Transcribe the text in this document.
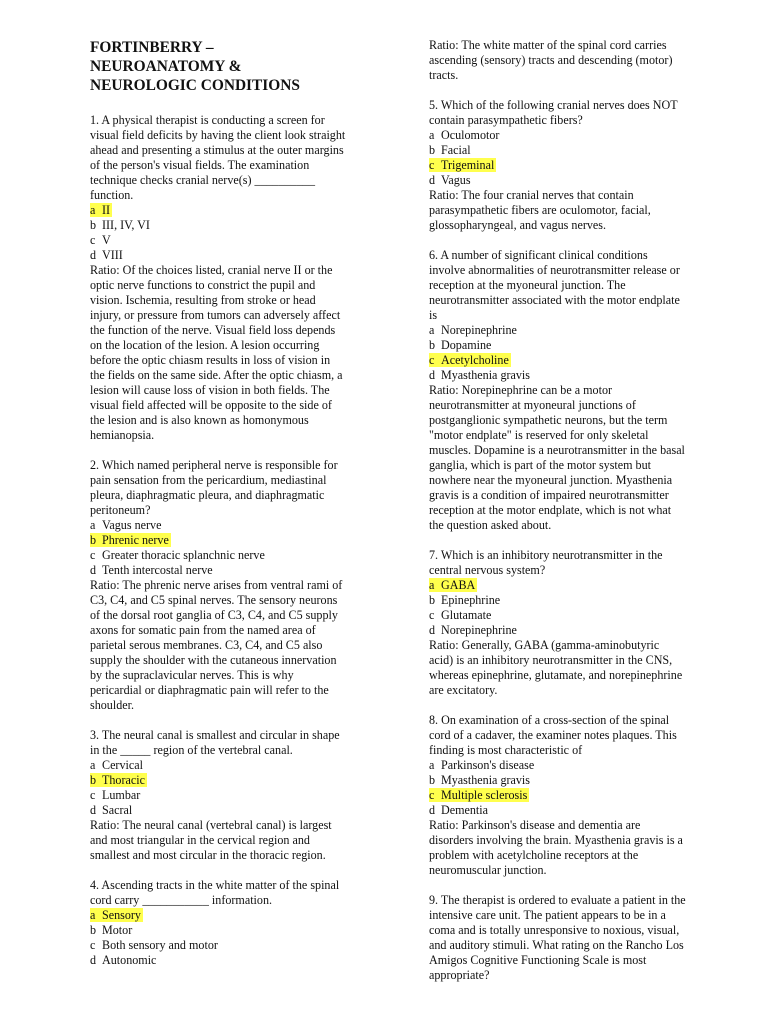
FORTINBERRY –
NEUROANATOMY &
NEUROLOGIC CONDITIONS
1. A physical therapist is conducting a screen for
visual field deficits by having the client look straight
ahead and presenting a stimulus at the outer margins
of the person's visual fields. The examination
technique checks cranial nerve(s) __________
function.
a II
b III, IV, VI
c V
d VIII
Ratio: Of the choices listed, cranial nerve II or the
optic nerve functions to constrict the pupil and
vision. Ischemia, resulting from stroke or head
injury, or pressure from tumors can adversely affect
the function of the nerve. Visual field loss depends
on the location of the lesion. A lesion occurring
before the optic chiasm results in loss of vision in
the fields on the same side. After the optic chiasm, a
lesion will cause loss of vision in both fields. The
visual field affected will be opposite to the side of
the lesion and is also known as homonymous
hemianopsia.
2. Which named peripheral nerve is responsible for
pain sensation from the pericardium, mediastinal
pleura, diaphragmatic pleura, and diaphragmatic
peritoneum?
a Vagus nerve
b Phrenic nerve
c Greater thoracic splanchnic nerve
d Tenth intercostal nerve
Ratio: The phrenic nerve arises from ventral rami of
C3, C4, and C5 spinal nerves. The sensory neurons
of the dorsal root ganglia of C3, C4, and C5 supply
axons for somatic pain from the named area of
parietal serous membranes. C3, C4, and C5 also
supply the shoulder with the cutaneous innervation
by the supraclavicular nerves. This is why
pericardial or diaphragmatic pain will refer to the
shoulder.
3. The neural canal is smallest and circular in shape
in the _____ region of the vertebral canal.
a Cervical
b Thoracic
c Lumbar
d Sacral
Ratio: The neural canal (vertebral canal) is largest
and most triangular in the cervical region and
smallest and most circular in the thoracic region.
4. Ascending tracts in the white matter of the spinal
cord carry ___________ information.
a Sensory
b Motor
c Both sensory and motor
d Autonomic
Ratio: The white matter of the spinal cord carries
ascending (sensory) tracts and descending (motor)
tracts.
5. Which of the following cranial nerves does NOT
contain parasympathetic fibers?
a Oculomotor
b Facial
c Trigeminal
d Vagus
Ratio: The four cranial nerves that contain
parasympathetic fibers are oculomotor, facial,
glossopharyngeal, and vagus nerves.
6. A number of significant clinical conditions
involve abnormalities of neurotransmitter release or
reception at the myoneural junction. The
neurotransmitter associated with the motor endplate
is
a Norepinephrine
b Dopamine
c Acetylcholine
d Myasthenia gravis
Ratio: Norepinephrine can be a motor
neurotransmitter at myoneural junctions of
postganglionic sympathetic neurons, but the term
"motor endplate" is reserved for only skeletal
muscles. Dopamine is a neurotransmitter in the basal
ganglia, which is part of the motor system but
nowhere near the myoneural junction. Myasthenia
gravis is a condition of impaired neurotransmitter
reception at the motor endplate, which is not what
the question asked about.
7. Which is an inhibitory neurotransmitter in the
central nervous system?
a GABA
b Epinephrine
c Glutamate
d Norepinephrine
Ratio: Generally, GABA (gamma-aminobutyric
acid) is an inhibitory neurotransmitter in the CNS,
whereas epinephrine, glutamate, and norepinephrine
are excitatory.
8. On examination of a cross-section of the spinal
cord of a cadaver, the examiner notes plaques. This
finding is most characteristic of
a Parkinson's disease
b Myasthenia gravis
c Multiple sclerosis
d Dementia
Ratio: Parkinson's disease and dementia are
disorders involving the brain. Myasthenia gravis is a
problem with acetylcholine receptors at the
neuromuscular junction.
9. The therapist is ordered to evaluate a patient in the
intensive care unit. The patient appears to be in a
coma and is totally unresponsive to noxious, visual,
and auditory stimuli. What rating on the Rancho Los
Amigos Cognitive Functioning Scale is most
appropriate?
